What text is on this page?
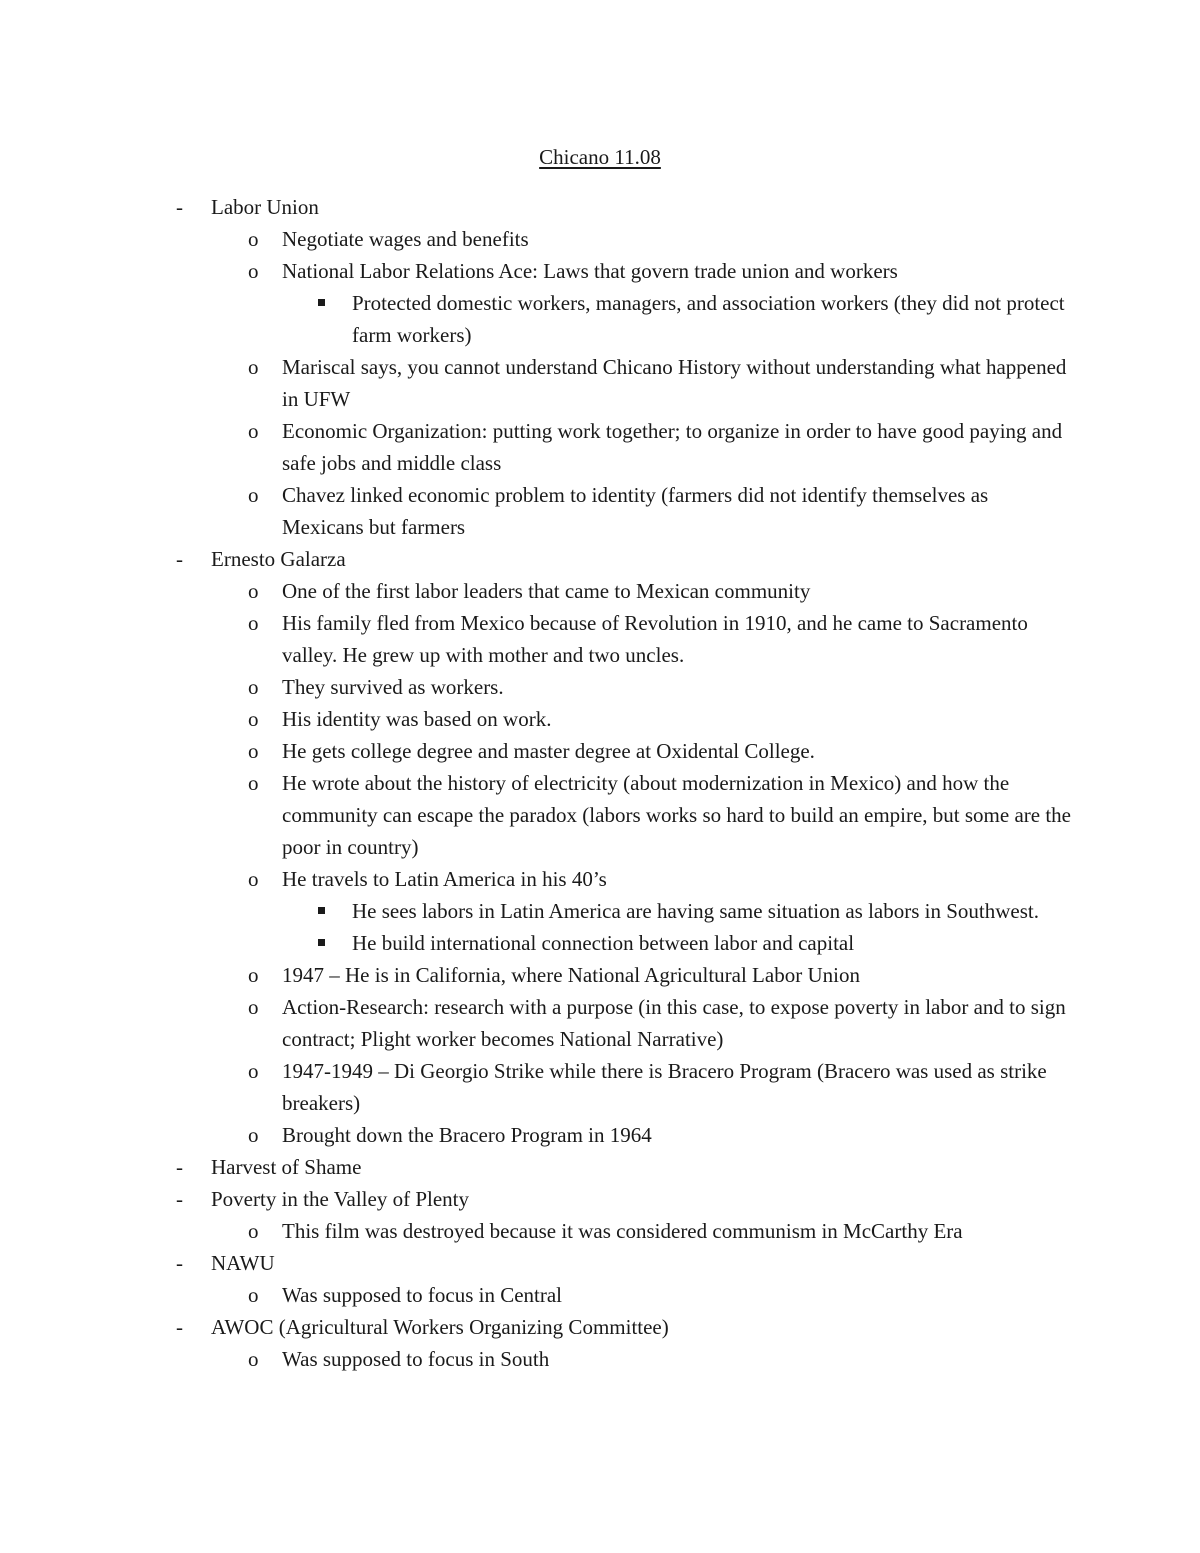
Chicano 11.08
- Labor Union
o Negotiate wages and benefits
o National Labor Relations Ace: Laws that govern trade union and workers
Protected domestic workers, managers, and association workers (they did not protect farm workers)
o Mariscal says, you cannot understand Chicano History without understanding what happened in UFW
o Economic Organization: putting work together; to organize in order to have good paying and safe jobs and middle class
o Chavez linked economic problem to identity (farmers did not identify themselves as Mexicans but farmers
- Ernesto Galarza
o One of the first labor leaders that came to Mexican community
o His family fled from Mexico because of Revolution in 1910, and he came to Sacramento valley. He grew up with mother and two uncles.
o They survived as workers.
o His identity was based on work.
o He gets college degree and master degree at Oxidental College.
o He wrote about the history of electricity (about modernization in Mexico) and how the community can escape the paradox (labors works so hard to build an empire, but some are the poor in country)
o He travels to Latin America in his 40’s
He sees labors in Latin America are having same situation as labors in Southwest.
He build international connection between labor and capital
o 1947 – He is in California, where National Agricultural Labor Union
o Action-Research: research with a purpose (in this case, to expose poverty in labor and to sign contract; Plight worker becomes National Narrative)
o 1947-1949 – Di Georgio Strike while there is Bracero Program (Bracero was used as strike breakers)
o Brought down the Bracero Program in 1964
- Harvest of Shame
- Poverty in the Valley of Plenty
o This film was destroyed because it was considered communism in McCarthy Era
- NAWU
o Was supposed to focus in Central
- AWOC (Agricultural Workers Organizing Committee)
o Was supposed to focus in South
